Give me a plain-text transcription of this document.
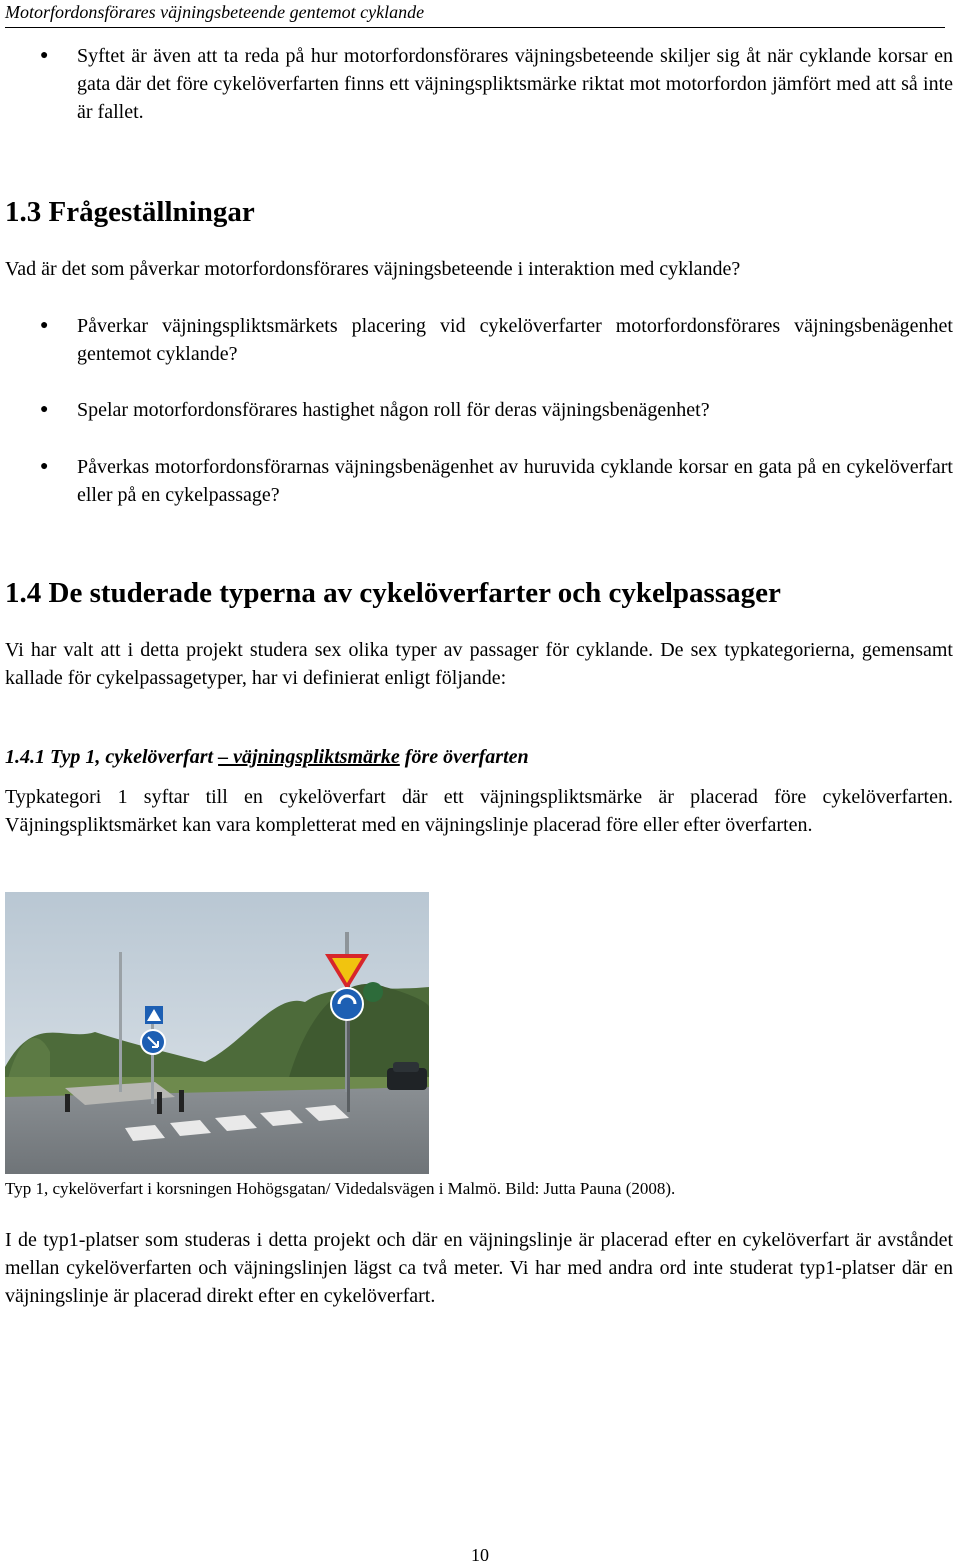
Motorfordonsförares väjningsbeteende gentemot cyklande
● Syftet är även att ta reda på hur motorfordonsförares väjningsbeteende skiljer sig åt när cyklande korsar en gata där det före cykelöverfarten finns ett väjningspliktsmärke riktat mot motorfordon jämfört med att så inte är fallet.
1.3 Frågeställningar

Vad är det som påverkar motorfordonsförares väjningsbeteende i interaktion med cyklande?

● Påverkar väjningspliktsmärkets placering vid cykelöverfarter motorfordonsförares väjningsbenägenhet gentemot cyklande?
● Spelar motorfordonsförares hastighet någon roll för deras väjningsbenägenhet?
● Påverkas motorfordonsförarnas väjningsbenägenhet av huruvida cyklande korsar en gata på en cykelöverfart eller på en cykelpassage?
1.4 De studerade typerna av cykelöverfarter och cykelpassager

Vi har valt att i detta projekt studera sex olika typer av passager för cyklande. De sex typkategorierna, gemensamt kallade för cykelpassagetyper, har vi definierat enligt följande:

1.4.1 Typ 1, cykelöverfart – väjningspliktsmärke före överfarten

Typkategori 1 syftar till en cykelöverfart där ett väjningspliktsmärke är placerad före cykelöverfarten. Väjningspliktsmärket kan vara kompletterat med en väjningslinje placerad före eller efter överfarten.

Typ 1, cykelöverfart i korsningen Hohögsgatan/ Videdalsvägen i Malmö. Bild: Jutta Pauna (2008).

I de typ1-platser som studeras i detta projekt och där en väjningslinje är placerad efter en cykelöverfart är avståndet mellan cykelöverfarten och väjningslinjen lägst ca två meter. Vi har med andra ord inte studerat typ1-platser där en väjningslinje är placerad direkt efter en cykelöverfart.

10
